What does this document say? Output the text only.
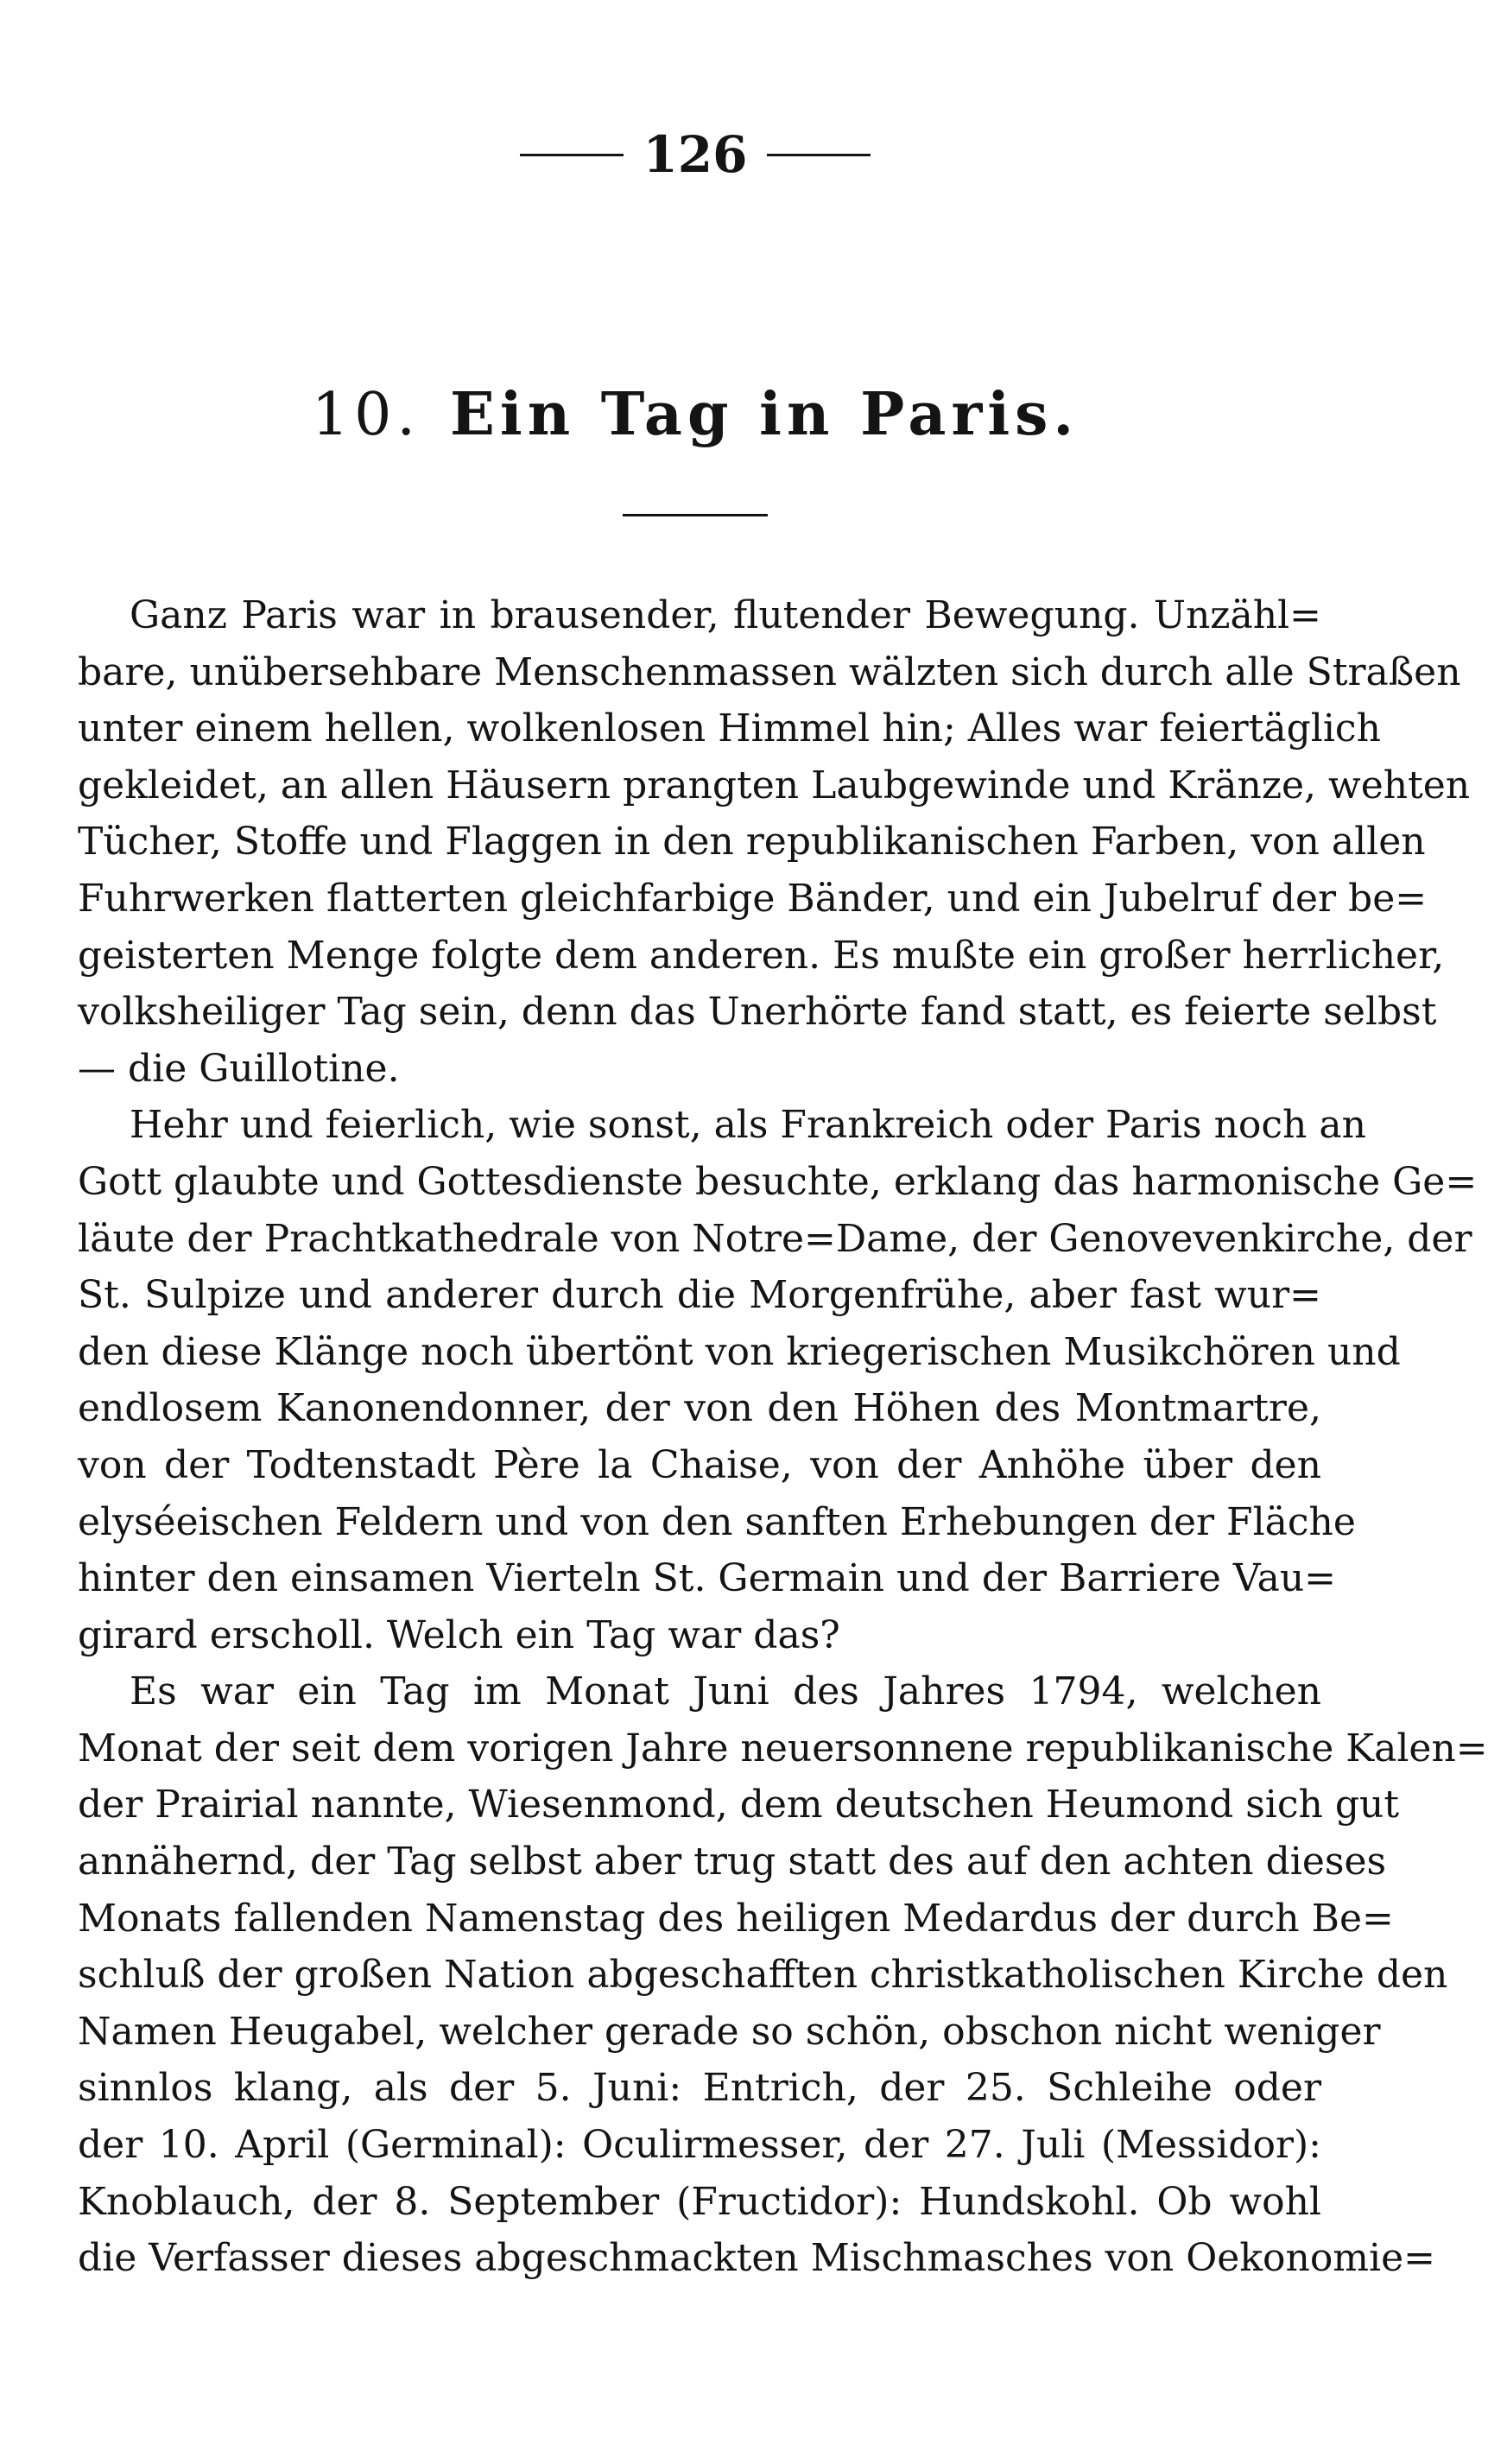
126
10. Ein Tag in Paris.
Ganz Paris war in brausender, flutender Bewegung. Unzähl=
bare, unübersehbare Menschenmassen wälzten sich durch alle Straßen
unter einem hellen, wolkenlosen Himmel hin; Alles war feiertäglich
gekleidet, an allen Häusern prangten Laubgewinde und Kränze, wehten
Tücher, Stoffe und Flaggen in den republikanischen Farben, von allen
Fuhrwerken flatterten gleichfarbige Bänder, und ein Jubelruf der be=
geisterten Menge folgte dem anderen. Es mußte ein großer herrlicher,
volksheiliger Tag sein, denn das Unerhörte fand statt, es feierte selbst
— die Guillotine.
Hehr und feierlich, wie sonst, als Frankreich oder Paris noch an
Gott glaubte und Gottesdienste besuchte, erklang das harmonische Ge=
läute der Prachtkathedrale von Notre=Dame, der Genovevenkirche, der
St. Sulpize und anderer durch die Morgenfrühe, aber fast wur=
den diese Klänge noch übertönt von kriegerischen Musikchören und
endlosem Kanonendonner, der von den Höhen des Montmartre,
von der Todtenstadt Père la Chaise, von der Anhöhe über den
elyséeischen Feldern und von den sanften Erhebungen der Fläche
hinter den einsamen Vierteln St. Germain und der Barriere Vau=
girard erscholl. Welch ein Tag war das?
Es war ein Tag im Monat Juni des Jahres 1794, welchen
Monat der seit dem vorigen Jahre neuersonnene republikanische Kalen=
der Prairial nannte, Wiesenmond, dem deutschen Heumond sich gut
annähernd, der Tag selbst aber trug statt des auf den achten dieses
Monats fallenden Namenstag des heiligen Medardus der durch Be=
schluß der großen Nation abgeschafften christkatholischen Kirche den
Namen Heugabel, welcher gerade so schön, obschon nicht weniger
sinnlos klang, als der 5. Juni: Entrich, der 25. Schleihe oder
der 10. April (Germinal): Oculirmesser, der 27. Juli (Messidor):
Knoblauch, der 8. September (Fructidor): Hundskohl. Ob wohl
die Verfasser dieses abgeschmackten Mischmasches von Oekonomie=
